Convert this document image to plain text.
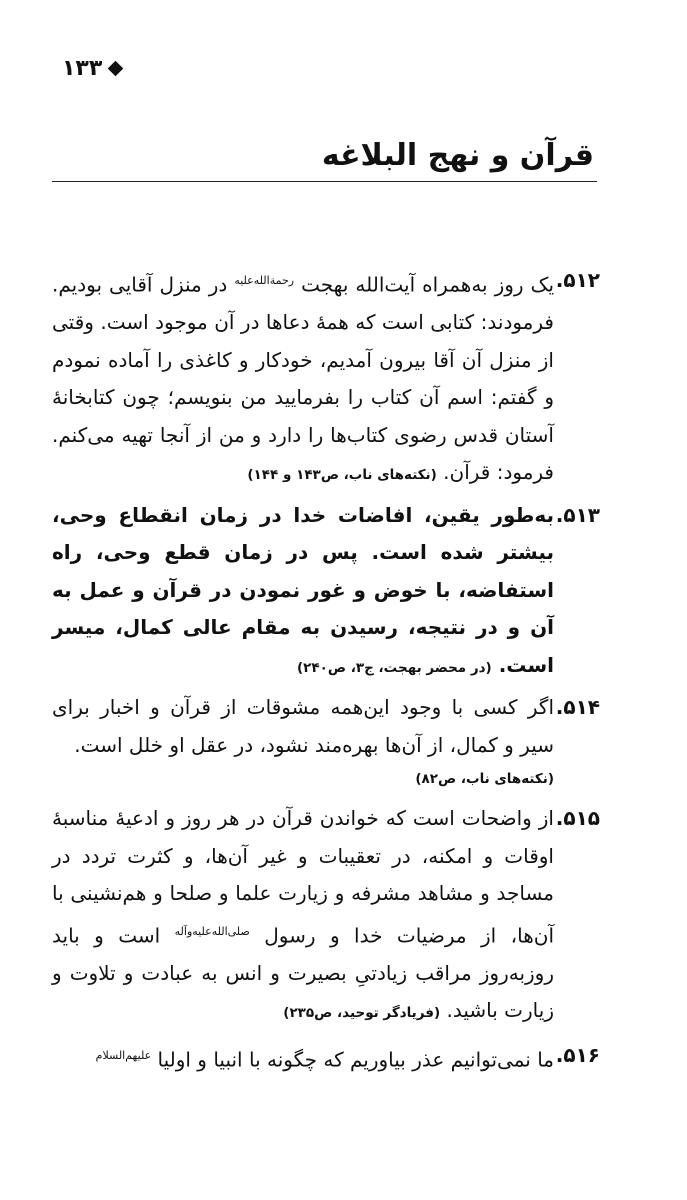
۱۳۳
قرآن و نهج البلاغه
۵۱۲.
یک روز به‌همراه آیت‌الله بهجت $^{رحمةالله‌علیه}$ در منزل آقایی بودیم. فرمودند: کتابی است که همهٔ دعاها در آن موجود است. وقتی از منزل آن آقا بیرون آمدیم، خودکار و کاغذی را آماده نمودم و گفتم: اسم آن کتاب را بفرمایید من بنویسم؛ چون کتابخانهٔ آستان قدس رضوی کتاب‌ها را دارد و من از آنجا تهیه می‌کنم. فرمود: قرآن. (نکته‌های ناب، ص۱۴۳ و ۱۴۴)
۵۱۳.
به‌طور یقین، افاضات خدا در زمان انقطاع وحی، بیشتر شده است. پس در زمان قطع وحی، راه استفاضه، با خوض و غور نمودن در قرآن و عمل به آن و در نتیجه، رسیدن به مقام عالی کمال، میسر است. (در محضر بهجت، ج۳، ص۲۴۰)
۵۱۴.
اگر کسی با وجود این‌همه مشوقات از قرآن و اخبار برای سیر و کمال، از آن‌ها بهره‌مند نشود، در عقل او خلل است.
(نکته‌های ناب، ص۸۲)
۵۱۵.
از واضحات است که خواندن قرآن در هر روز و ادعیهٔ مناسبهٔ اوقات و امکنه، در تعقیبات و غیر آن‌ها، و کثرت تردد در مساجد و مشاهد مشرفه و زیارت علما و صلحا و هم‌نشینی با آن‌ها، از مرضیات خدا و رسول $^{صلی‌الله‌علیه‌وآله}$ است و باید روزبه‌روز مراقب زیادتیِ بصیرت و انس به عبادت و تلاوت و زیارت باشید. (فریادگر توحید، ص۲۳۵)
۵۱۶.
ما نمی‌توانیم عذر بیاوریم که چگونه با انبیا و اولیا $^{علیهم‌السلام}$
